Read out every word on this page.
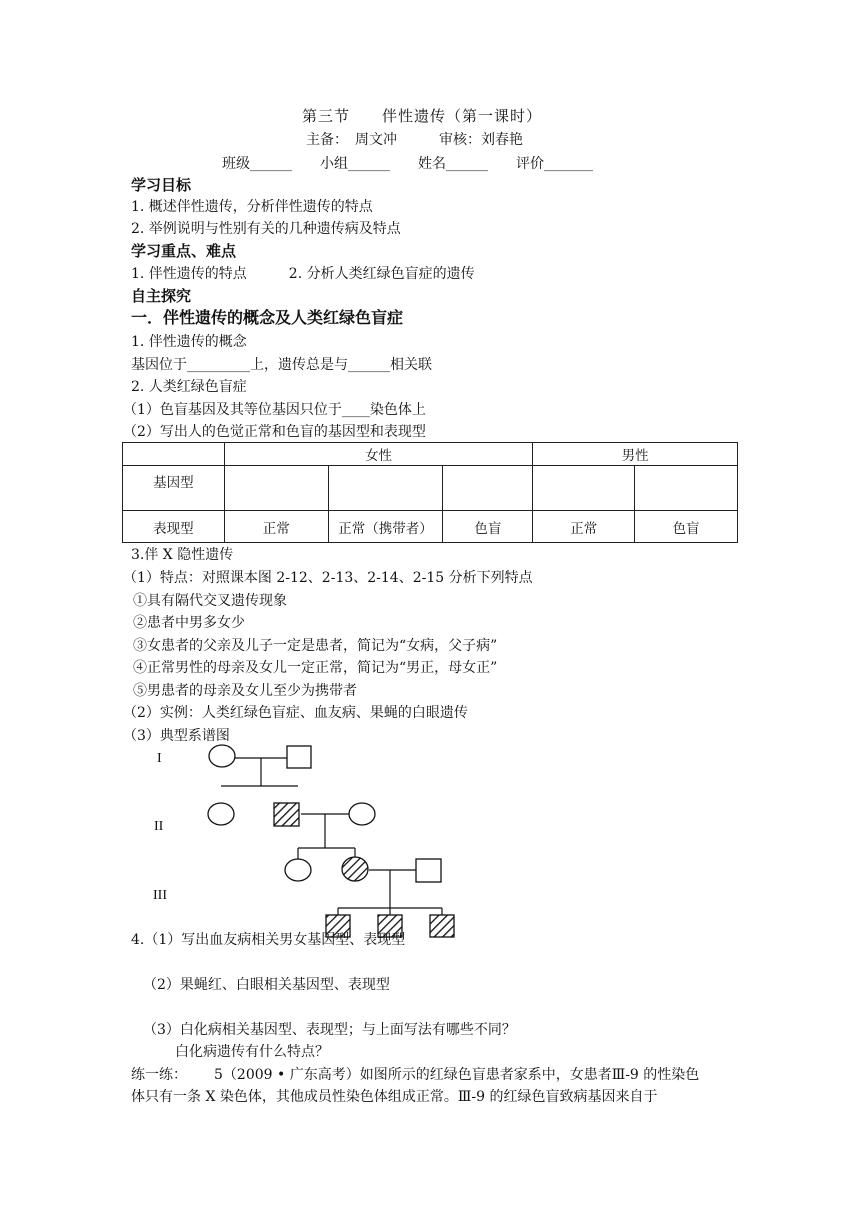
第三节　　伴性遗传（第一课时）
主备：　周文冲　　　审核：刘春艳
班级______　　小组______　　姓名______　　评价_______
学习目标
1. 概述伴性遗传，分析伴性遗传的特点
2. 举例说明与性别有关的几种遗传病及特点
学习重点、难点
1. 伴性遗传的特点　　　2. 分析人类红绿色盲症的遗传
自主探究
一．伴性遗传的概念及人类红绿色盲症
1. 伴性遗传的概念
基因位于_________上，遗传总是与______相关联
2. 人类红绿色盲症
（1）色盲基因及其等位基因只位于____染色体上
（2）写出人的色觉正常和色盲的基因型和表现型
	女性			男性	
基因型					
表现型	正常	正常（携带者）	色盲	正常	色盲
3.伴 X 隐性遗传
（1）特点：对照课本图 2-12、2-13、2-14、2-15 分析下列特点
①具有隔代交叉遗传现象
②患者中男多女少
③女患者的父亲及儿子一定是患者，简记为“女病，父子病”
④正常男性的母亲及女儿一定正常，简记为“男正，母女正”
⑤男患者的母亲及女儿至少为携带者
（2）实例：人类红绿色盲症、血友病、果蝇的白眼遗传
（3）典型系谱图
I
II
III
4.（1）写出血友病相关男女基因型、表现型
（2）果蝇红、白眼相关基因型、表现型
（3）白化病相关基因型、表现型；与上面写法有哪些不同？
白化病遗传有什么特点？
练一练： 5（2009 • 广东高考）如图所示的红绿色盲患者家系中，女患者Ⅲ-9 的性染色
体只有一条 X 染色体，其他成员性染色体组成正常。Ⅲ-9 的红绿色盲致病基因来自于
